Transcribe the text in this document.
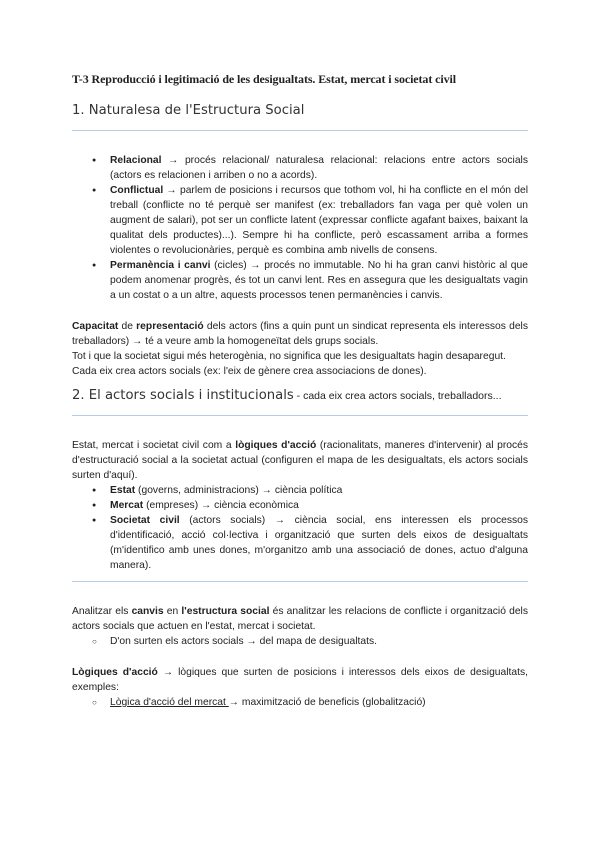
T-3 Reproducció i legitimació de les desigualtats. Estat, mercat i societat civil
1. Naturalesa de l'Estructura Social
● Relacional → procés relacional/ naturalesa relacional: relacions entre actors socials (actors es relacionen i arriben o no a acords).
● Conflictual → parlem de posicions i recursos que tothom vol, hi ha conflicte en el món del treball (conflicte no té perquè ser manifest (ex: treballadors fan vaga per què volen un augment de salari), pot ser un conflicte latent (expressar conflicte agafant baixes, baixant la qualitat dels productes)...). Sempre hi ha conflicte, però escassament arriba a formes violentes o revolucionàries, perquè es combina amb nivells de consens.
● Permanència i canvi (cicles) → procés no immutable. No hi ha gran canvi històric al que podem anomenar progrès, és tot un canvi lent. Res en assegura que les desigualtats vagin a un costat o a un altre, aquests processos tenen permanències i canvis.

Capacitat de representació dels actors (fins a quin punt un sindicat representa els interessos dels treballadors) → té a veure amb la homogeneïtat dels grups socials.

Tot i que la societat sigui més heterogènia, no significa que les desigualtats hagin desaparegut.

Cada eix crea actors socials (ex: l'eix de gènere crea associacions de dones).

2. El actors socials i institucionals - cada eix crea actors socials, treballadors...

Estat, mercat i societat civil com a lògiques d'acció (racionalitats, maneres d'intervenir) al procés d'estructuració social a la societat actual (configuren el mapa de les desigualtats, els actors socials surten d'aquí).

● Estat (governs, administracions) → ciència política
● Mercat (empreses) → ciència econòmica
● Societat civil (actors socials) → ciència social, ens interessen els processos d'identificació, acció col·lectiva i organització que surten dels eixos de desigualtats (m'identifico amb unes dones, m'organitzo amb una associació de dones, actuo d'alguna manera).

Analitzar els canvis en l'estructura social és analitzar les relacions de conflicte i organització dels actors socials que actuen en l'estat, mercat i societat.

○ D'on surten els actors socials → del mapa de desigualtats.

Lògiques d'acció → lògiques que surten de posicions i interessos dels eixos de desigualtats, exemples:

○ Lògica d'acció del mercat → maximització de beneficis (globalització)
